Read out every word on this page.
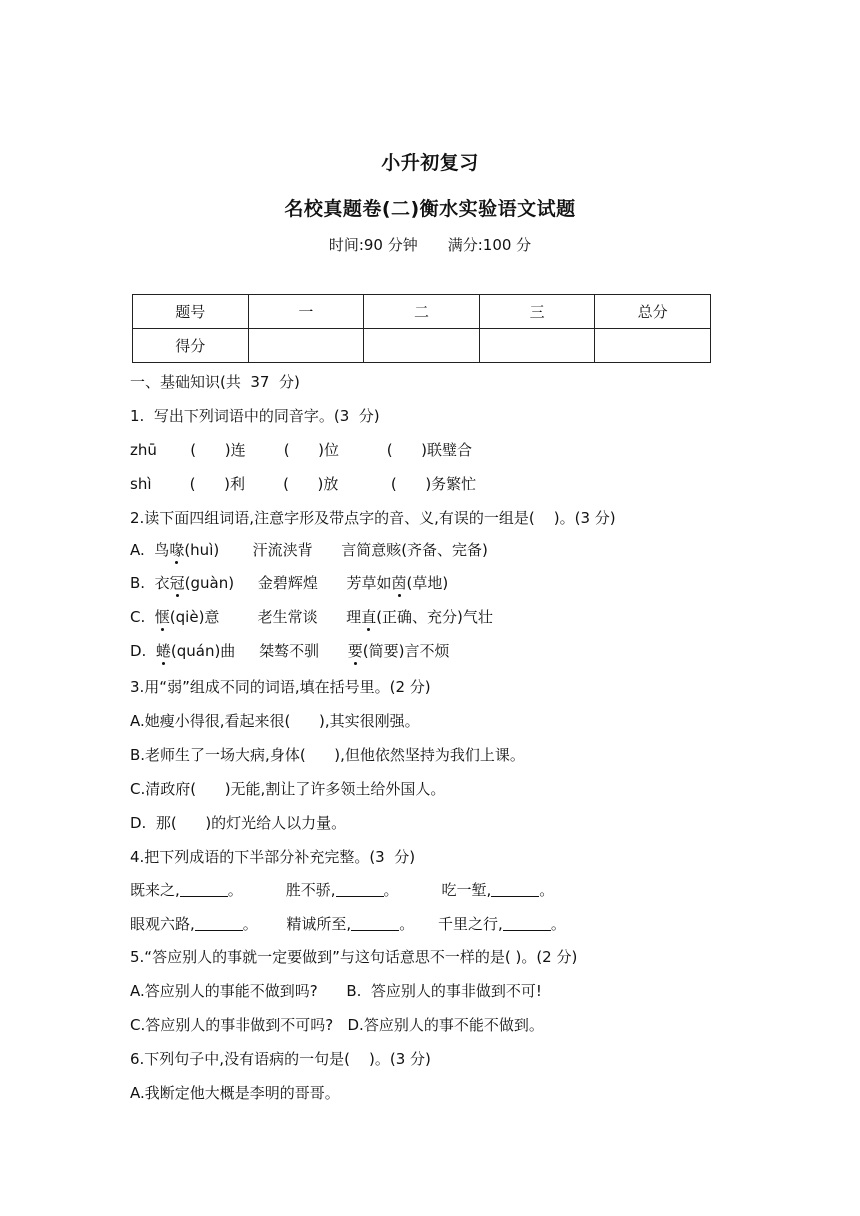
小升初复习
名校真题卷(二)衡水实验语文试题
时间:90 分钟 满分:100 分
题号	一	二	三	总分
得分				
一、基础知识(共  37  分)
1.  写出下列词语中的同音字。(3  分)
zhū       (      )连        (      )位          (      )联璧合
shì        (      )利        (      )放           (      )务繁忙
2.读下面四组词语,注意字形及带点字的音、义,有误的一组是(    )。(3 分)
A.  鸟喙(huì)       汗流浃背      言简意赅(齐备、完备)
B.  衣冠(guàn)     金碧辉煌      芳草如茵(草地)
C.  惬(qiè)意        老生常谈      理直(正确、充分)气壮
D.  蜷(quán)曲     桀骜不驯      要(简要)言不烦
3.用“弱”组成不同的词语,填在括号里。(2 分)
A.她瘦小得很,看起来很(      ),其实很刚强。
B.老师生了一场大病,身体(      ),但他依然坚持为我们上课。
C.清政府(      )无能,割让了许多领土给外国人。
D.  那(      )的灯光给人以力量。
4.把下列成语的下半部分补充完整。(3  分)
既来之,	。	胜不骄,	。	吃一堑,	。
眼观六路,	。 精诚所至,	。 千里之行,	。
5.“答应别人的事就一定要做到”与这句话意思不一样的是( )。(2 分)
A.答应别人的事能不做到吗?      B.  答应别人的事非做到不可!
C.答应别人的事非做到不可吗?   D.答应别人的事不能不做到。
6.下列句子中,没有语病的一句是(    )。(3 分)
A.我断定他大概是李明的哥哥。
